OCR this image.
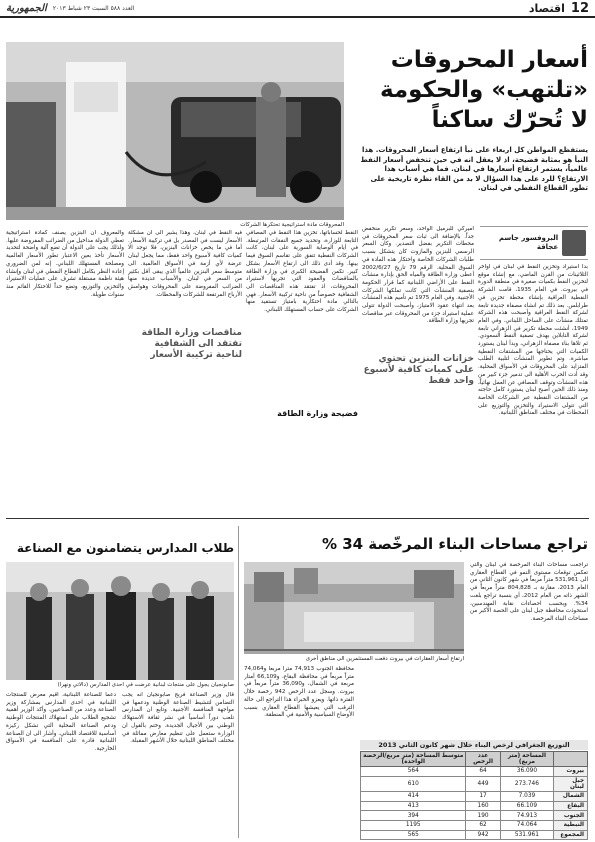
12
اقتصاد
العدد ٥٨٨ السبت ٢٣ شباط ٢٠١٣
الجمهورية
المحروقات مادة استراتيجية تحتكرها الشركات
أسعار المحروقات
«تلتهب» والحكومة
لا تُحرّك ساكناً
يستفظع المواطن كل اربعاء على نبأ ارتفاع أسعار المحروقات. هذا النبأ هو بمثابة فضيحة، اذ لا يعقل انه في حين تنخفض أسعار النفط عالمياً، يستمر ارتفاع أسعارها في لبنان. فما هي أسباب هذا الارتفاع؟ للرد على هذا السؤال لا بد من القاء نظرة تاريخية على تطور القطاع النفطي في لبنان.
البروفسور جاسم عجاقة
بدأ استيراد وتخزين النفط في لبنان في أواخر الثلاثينات من القرن الماضي، مع إنشاء موقع لتخزين النفط بكميات صغيرة في منطقة الدورة في بيروت. في العام 1935، قامت الشركة النفطية العراقية بإنشاء محطة تخزين في طرابلس. بعد ذلك تم انشاء مصفاة جديدة تابعة لشركة النفط العراقية وأصبحت هذه الشركة تمتلك منشآت على الساحل اللبناني. وفي العام 1949، أنشئت محطة تكرير في الزهراني تابعة لشركة التابلاين بهدف تصفية النفط السعودي. ثم تلاها بناء مصفاة الزهراني، وبدأ لبنان يستورد الكميات التي يحتاجها من المشتقات النفطية مباشرة. وتم تطوير المنشآت لتلبية الطلب المتزايد على المحروقات في الأسواق المحلية. وقد أدت الحرب الأهلية الى تدمير جزء كبير من هذه المنشآت وتوقف المصافي عن العمل نهائياً، ومنذ ذلك الحين أصبح لبنان يستورد كامل حاجته من المشتقات النفطية عبر الشركات الخاصة التي تتولى الاستيراد والتخزين والتوزيع على المحطات في مختلف المناطق اللبنانية.
أميركي للبرميل الواحد، وسعر تكرير منخفض جداً. بالإضافة الى ثبات سعر المحروقات في محطات التكرير بفضل التصدير. وكان السعر الرسمي للبنزين والمازوت كان يتشكل بسبب طلبات الشركات الخاصة واحتكار هذه المادة في السوق المحلية. الرقم 79 تاريخ 2002/6/27 أعطى وزارة الطاقة والمياه الحق بإدارة منشآت النفط على الأراضي اللبنانية كما قرار الحكومة بتصفية المنشآت التي كانت تملكها الشركات الأجنبية. وفي العام 1975 تم تأميم هذه المنشآت بعد انتهاء عقود الامتياز، وأصبحت الدولة تتولى عملية استيراد جزء من المحروقات عبر مناقصات تجريها وزارة الطاقة.
النفط لحساباتها، تخزين هذا النفط في المصافي التابعة للوزارة، وتحديد جميع النفقات المرتبطة. في أيام الوصاية السورية على لبنان، كانت الشركات النفطية تتفق على تقاسم السوق فيما بينها. وقد أدى ذلك الى ارتفاع الأسعار بشكل كبير. تكمن الفضيحة الكبرى في وزارة الطاقة بالمناقصات والعقود التي تجريها لاستيراد المحروقات، اذ تفتقد هذه المناقصات الى الشفافية خصوصاً من ناحية تركيبة الأسعار. فهي بالتالي مادة احتكارية بامتياز تستفيد منها الشركات على حساب المستهلك اللبناني.
فيه النفط في لبنان، وهذا يشير الى أن مشكلة الأسعار ليست في المصدر بل في تركيبة الأسعار. أما في ما يخص خزانات البنزين، فلا توجد الا كميات كافية لأسبوع واحد فقط، مما يجعل لبنان عرضة لأي أزمة في الأسواق العالمية. الى متوسط سعر البنزين عالمياً الذي يبقى أقل بكثير من السعر في لبنان. والأسباب عديدة منها الضرائب المفروضة على المحروقات وهوامش الأرباح المرتفعة للشركات والمحطات.
والمعروف أن البنزين يصنف كمادة استراتيجية تعطي الدولة مداخيل من الضرائب المفروضة عليها. ولذلك يجب على الدولة أن تضع آلية واضحة لتحديد الأسعار تأخذ بعين الاعتبار تطور الأسعار العالمية ومصلحة المستهلك اللبناني. إنه لمن الضروري إعادة النظر بكامل القطاع النفطي في لبنان وإنشاء هيئة ناظمة مستقلة تشرف على عمليات الاستيراد والتخزين والتوزيع، وتضع حداً للاحتكار القائم منذ سنوات طويلة.
خزانات البنزين تحتوي على كميات كافية لأسبوع واحد فقط
فضيحة وزارة الطاقة
مناقصات وزارة الطاقة تفتقد الى الشفافية لناحية تركيبة الأسعار
طلاب المدارس يتضامنون مع الصناعة
صابونجيان يجول على منتجات لبنانية عرضت في احدى المدارس (دالاتي ونهرا)
دعماً للصناعة اللبنانية، أقيم معرض للمنتجات اللبنانية في احدى المدارس بمشاركة وزير الصناعة وعدد من الصناعيين. وأكد الوزير أهمية تشجيع الطلاب على استهلاك المنتجات الوطنية ودعم الصناعة المحلية التي تشكل ركيزة أساسية للاقتصاد اللبناني. وأشار الى ان الصناعة اللبنانية قادرة على المنافسة في الأسواق الخارجية.
قال وزير الصناعة فريج صابونجيان انه يجب التضامن لتنشيط الصناعة الوطنية ودعمها في مواجهة المنافسة الأجنبية. وتابع ان المدارس تلعب دوراً أساسياً في نشر ثقافة الاستهلاك الوطني بين الأجيال الجديدة. وختم بالقول ان الوزارة ستعمل على تنظيم معارض مماثلة في مختلف المناطق اللبنانية خلال الأشهر المقبلة.
تراجع مساحات البناء المرخّصة 34 %
ارتفاع أسعار العقارات في بيروت دفعت المستثمرين الى مناطق أخرى
تراجعت مساحات البناء المرخصة في لبنان والتي تعكس توقعات مستوى النمو في القطاع العقاري الى 531,961 متراً مربعاً في شهر كانون الثاني من العام 2013، مقارنة بـ 804,828 متراً مربعاً في الشهر ذاته من العام 2012، أي بنسبة تراجع بلغت 34%. وبحسب احصاءات نقابة المهندسين، استحوذت محافظة جبل لبنان على الحصة الأكبر من مساحات البناء المرخصة.
محافظة الجنوب 74,913 متراً مربعاً و74,064 متراً مربعاً في محافظة البقاع، و66,109 أمتار مربعة في الشمال، و36,090 متراً مربعاً في بيروت. وسجل عدد الرخص 942 رخصة خلال الفترة ذاتها. ويعزو الخبراء هذا التراجع الى حالة الترقب التي يعيشها القطاع العقاري بسبب الأوضاع السياسية والأمنية في المنطقة.
التوزيع الجغرافي لرخص البناء خلال شهر كانون الثاني 2013
	المساحة (متر مربع)	عدد الرخص	متوسط المساحة (متر مربع/الرخصة الواحدة)
بيروت	36.090	64	564
جبل لبنان	273.746	449	610
الشمال	7.039	17	414
البقاع	66.109	160	413
الجنوب	74.913	190	394
النبطية	74.064	62	1195
المجموع	531.961	942	565
